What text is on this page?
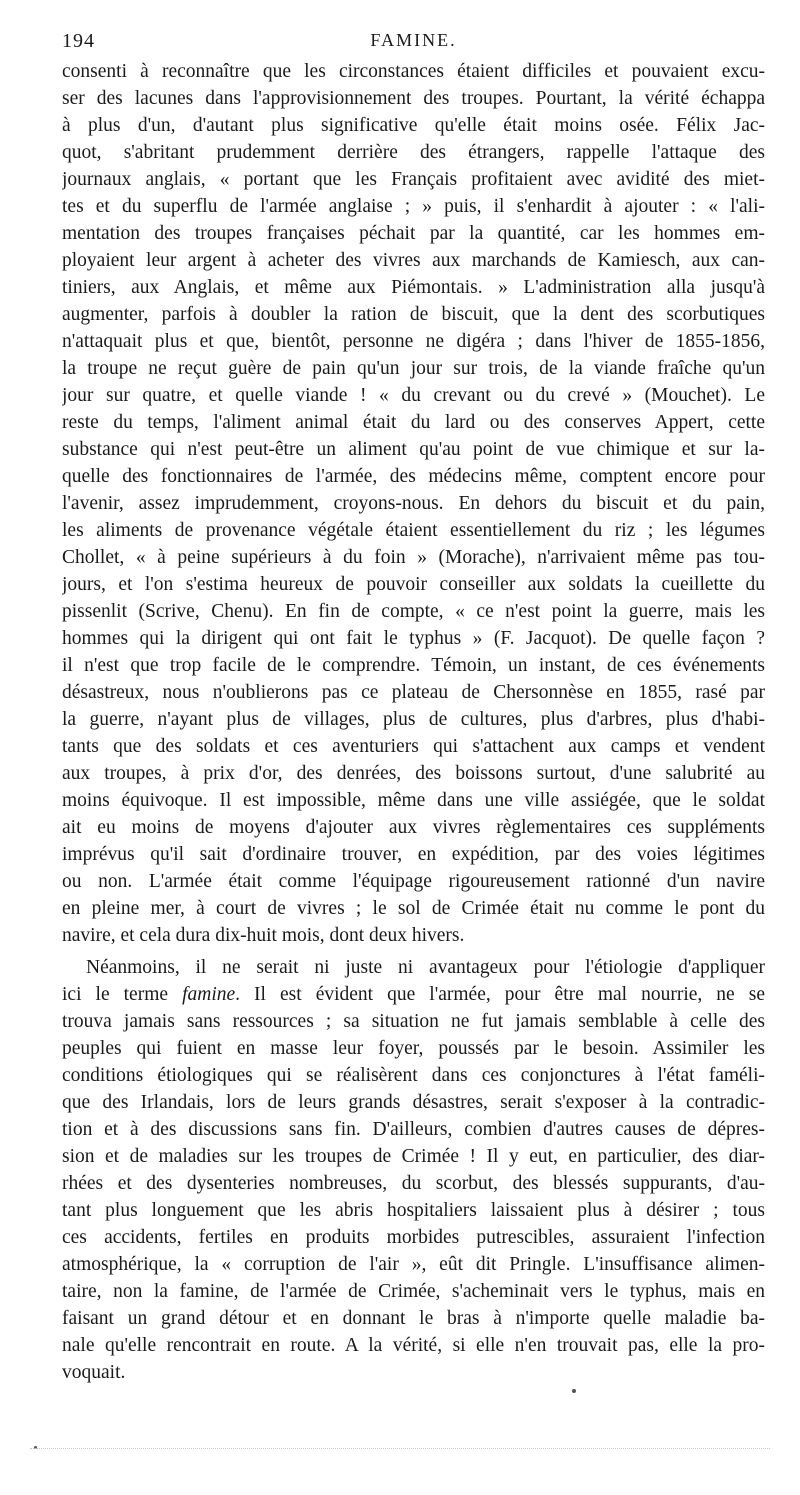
194	FAMINE.
consenti à reconnaître que les circonstances étaient difficiles et pouvaient excu-
ser des lacunes dans l'approvisionnement des troupes. Pourtant, la vérité échappa
à plus d'un, d'autant plus significative qu'elle était moins osée. Félix Jac-
quot, s'abritant prudemment derrière des étrangers, rappelle l'attaque des
journaux anglais, « portant que les Français profitaient avec avidité des miet-
tes et du superflu de l'armée anglaise ; » puis, il s'enhardit à ajouter : « l'ali-
mentation des troupes françaises péchait par la quantité, car les hommes em-
ployaient leur argent à acheter des vivres aux marchands de Kamiesch, aux can-
tiniers, aux Anglais, et même aux Piémontais. » L'administration alla jusqu'à
augmenter, parfois à doubler la ration de biscuit, que la dent des scorbutiques
n'attaquait plus et que, bientôt, personne ne digéra ; dans l'hiver de 1855-1856,
la troupe ne reçut guère de pain qu'un jour sur trois, de la viande fraîche qu'un
jour sur quatre, et quelle viande ! « du crevant ou du crevé » (Mouchet). Le
reste du temps, l'aliment animal était du lard ou des conserves Appert, cette
substance qui n'est peut-être un aliment qu'au point de vue chimique et sur la-
quelle des fonctionnaires de l'armée, des médecins même, comptent encore pour
l'avenir, assez imprudemment, croyons-nous. En dehors du biscuit et du pain,
les aliments de provenance végétale étaient essentiellement du riz ; les légumes
Chollet, « à peine supérieurs à du foin » (Morache), n'arrivaient même pas tou-
jours, et l'on s'estima heureux de pouvoir conseiller aux soldats la cueillette du
pissenlit (Scrive, Chenu). En fin de compte, « ce n'est point la guerre, mais les
hommes qui la dirigent qui ont fait le typhus » (F. Jacquot). De quelle façon ?
il n'est que trop facile de le comprendre. Témoin, un instant, de ces événements
désastreux, nous n'oublierons pas ce plateau de Chersonnèse en 1855, rasé par
la guerre, n'ayant plus de villages, plus de cultures, plus d'arbres, plus d'habi-
tants que des soldats et ces aventuriers qui s'attachent aux camps et vendent
aux troupes, à prix d'or, des denrées, des boissons surtout, d'une salubrité au
moins équivoque. Il est impossible, même dans une ville assiégée, que le soldat
ait eu moins de moyens d'ajouter aux vivres règlementaires ces suppléments
imprévus qu'il sait d'ordinaire trouver, en expédition, par des voies légitimes
ou non. L'armée était comme l'équipage rigoureusement rationné d'un navire
en pleine mer, à court de vivres ; le sol de Crimée était nu comme le pont du
navire, et cela dura dix-huit mois, dont deux hivers.
Néanmoins, il ne serait ni juste ni avantageux pour l'étiologie d'appliquer
ici le terme famine. Il est évident que l'armée, pour être mal nourrie, ne se
trouva jamais sans ressources ; sa situation ne fut jamais semblable à celle des
peuples qui fuient en masse leur foyer, poussés par le besoin. Assimiler les
conditions étiologiques qui se réalisèrent dans ces conjonctures à l'état faméli-
que des Irlandais, lors de leurs grands désastres, serait s'exposer à la contradic-
tion et à des discussions sans fin. D'ailleurs, combien d'autres causes de dépres-
sion et de maladies sur les troupes de Crimée ! Il y eut, en particulier, des diar-
rhées et des dysenteries nombreuses, du scorbut, des blessés suppurants, d'au-
tant plus longuement que les abris hospitaliers laissaient plus à désirer ; tous
ces accidents, fertiles en produits morbides putrescibles, assuraient l'infection
atmosphérique, la « corruption de l'air », eût dit Pringle. L'insuffisance alimen-
taire, non la famine, de l'armée de Crimée, s'acheminait vers le typhus, mais en
faisant un grand détour et en donnant le bras à n'importe quelle maladie ba-
nale qu'elle rencontrait en route. A la vérité, si elle n'en trouvait pas, elle la pro-
voquait.
